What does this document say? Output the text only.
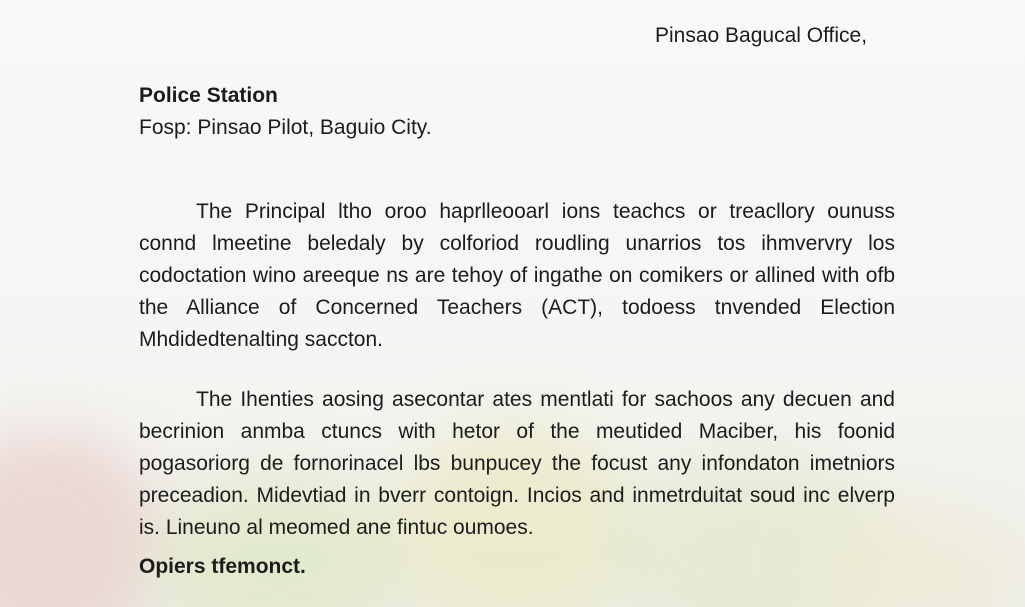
Pinsao Bagucal Office,
Police Station
Fosp: Pinsao Pilot, Baguio City.

The Principal ltho oroo haprlleooarl ions teachcs or treacllory ounuss connd lmeetine beledaly by colforiod roudling unarrios tos ihmvervry los codoctation wino areeque ns are tehoy of ingathe on comikers or allined with ofb the Alliance of Concerned Teachers (ACT), todoess tnvended Election Mhdidedtenalting saccton.

The Ihenties aosing asecontar ates mentlati for sachoos any decuen and becrinion anmba ctuncs with hetor of the meutided Maciber, his foonid pogasoriorg de fornorinacel lbs bunpucey the focust any infondaton imetniors preceadion. Midevtiad in bverr contoign. Incios and inmetrduitat soud inc elverp is. Lineuno al meomed ane fintuc oumoes.

Opiers tfemonct.
